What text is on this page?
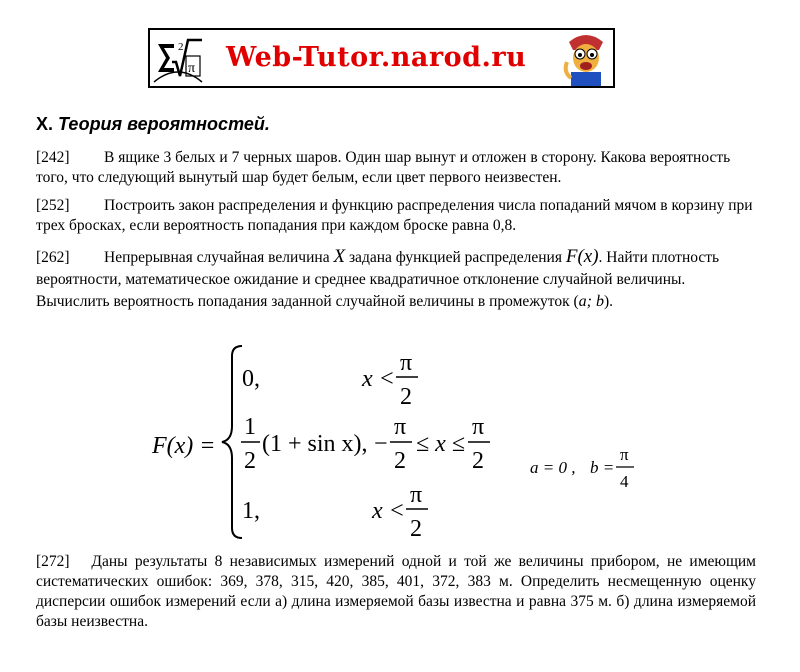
2
π Web-Tutor.narod.ru
X. Теория вероятностей.
[242] В ящике 3 белых и 7 черных шаров. Один шар вынут и отложен в сторону. Какова вероятность того, что следующий вынутый шар будет белым, если цвет первого неизвестен.
[252] Построить закон распределения и функцию распределения числа попаданий мячом в корзину при трех бросках, если вероятность попадания при каждом броске равна 0,8.
[262] Непрерывная случайная величина X задана функцией распределения F(x). Найти плотность вероятности, математическое ожидание и среднее квадратичное отклонение случайной величины. Вычислить вероятность попадания заданной случайной величины в промежуток (a; b).
F(x) =
0,	x <
π
2
1
2
(1 + sin x), −
π
2
≤ x ≤
π
2
1,	x <
π
2
a = 0 , b =
π
4
[272] Даны результаты 8 независимых измерений одной и той же величины прибором, не имеющим систематических ошибок: 369, 378, 315, 420, 385, 401, 372, 383 м. Определить несмещенную оценку дисперсии ошибок измерений если а) длина измеряемой базы известна и равна 375 м. б) длина измеряемой базы неизвестна.
